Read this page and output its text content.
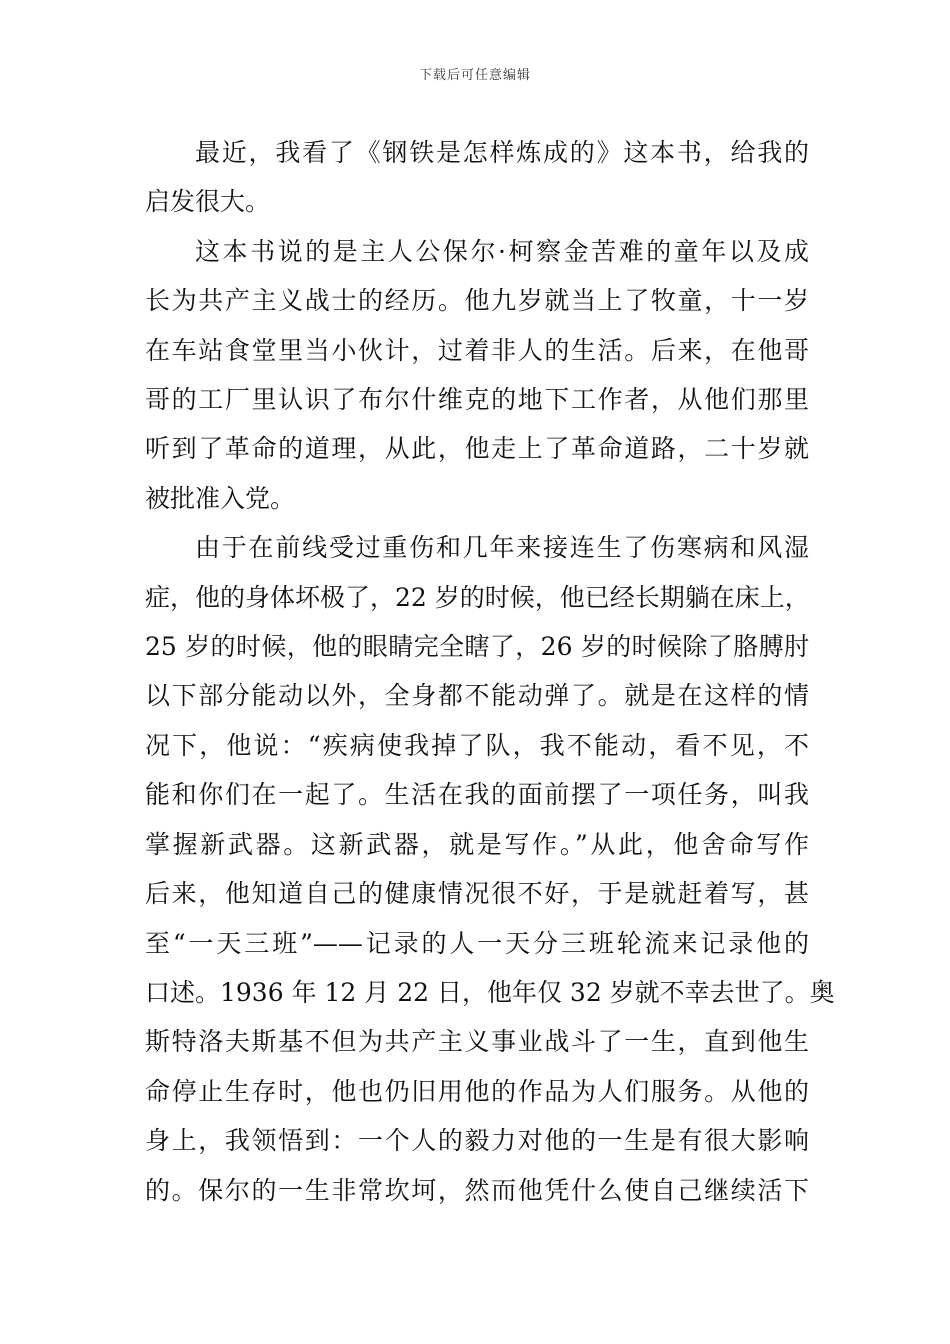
下载后可任意编辑

最近，我看了《钢铁是怎样炼成的》这本书，给我的
启发很大。

这本书说的是主人公保尔·柯察金苦难的童年以及成
长为共产主义战士的经历。他九岁就当上了牧童，十一岁
在车站食堂里当小伙计，过着非人的生活。后来，在他哥
哥的工厂里认识了布尔什维克的地下工作者，从他们那里
听到了革命的道理，从此，他走上了革命道路，二十岁就
被批准入党。

由于在前线受过重伤和几年来接连生了伤寒病和风湿
症，他的身体坏极了，22 岁的时候，他已经长期躺在床上，
25 岁的时候，他的眼睛完全瞎了，26 岁的时候除了胳膊肘
以下部分能动以外，全身都不能动弹了。就是在这样的情
况下，他说：“疾病使我掉了队，我不能动，看不见，不
能和你们在一起了。生活在我的面前摆了一项任务，叫我
掌握新武器。这新武器，就是写作。”从此，他舍命写作
后来，他知道自己的健康情况很不好，于是就赶着写，甚
至“一天三班”——记录的人一天分三班轮流来记录他的
口述。1936 年 12 月 22 日，他年仅 32 岁就不幸去世了。奥
斯特洛夫斯基不但为共产主义事业战斗了一生，直到他生
命停止生存时，他也仍旧用他的作品为人们服务。从他的
身上，我领悟到：一个人的毅力对他的一生是有很大影响
的。保尔的一生非常坎坷，然而他凭什么使自己继续活下
